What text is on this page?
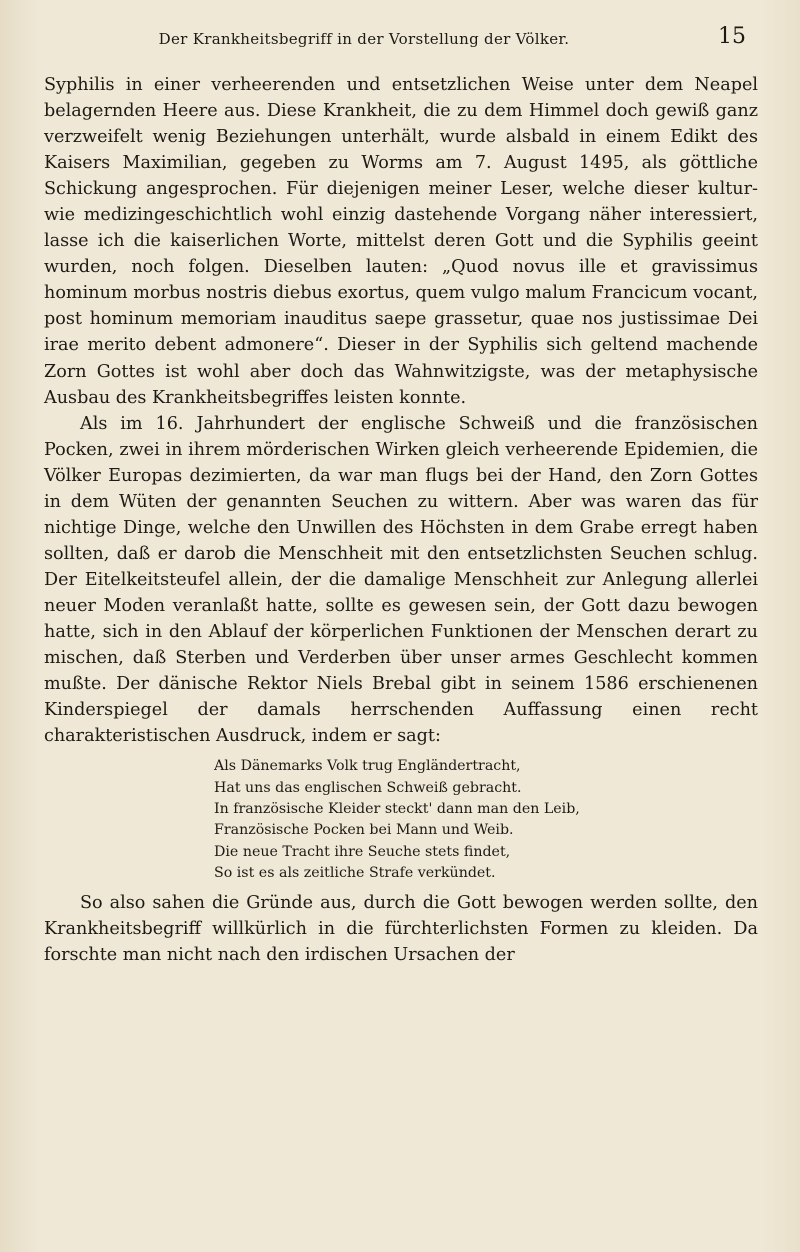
Der Krankheitsbegriff in der Vorstellung der Völker.	15

Syphilis in einer verheerenden und entsetzlichen Weise unter dem Neapel belagernden Heere aus. Diese Krankheit, die zu dem Himmel doch gewiß ganz verzweifelt wenig Beziehungen unterhält, wurde alsbald in einem Edikt des Kaisers Maximilian, gegeben zu Worms am 7. August 1495, als göttliche Schickung angesprochen. Für diejenigen meiner Leser, welche dieser kultur- wie medizingeschichtlich wohl einzig dastehende Vorgang näher interessiert, lasse ich die kaiserlichen Worte, mittelst deren Gott und die Syphilis geeint wurden, noch folgen. Dieselben lauten: „Quod novus ille et gravissimus hominum morbus nostris diebus exortus, quem vulgo malum Francicum vocant, post hominum memoriam inauditus saepe grassetur, quae nos justissimae Dei irae merito debent admonere“. Dieser in der Syphilis sich geltend machende Zorn Gottes ist wohl aber doch das Wahnwitzigste, was der metaphysische Ausbau des Krankheitsbegriffes leisten konnte.

Als im 16. Jahrhundert der englische Schweiß und die französischen Pocken, zwei in ihrem mörderischen Wirken gleich verheerende Epidemien, die Völker Europas dezimierten, da war man flugs bei der Hand, den Zorn Gottes in dem Wüten der genannten Seuchen zu wittern. Aber was waren das für nichtige Dinge, welche den Unwillen des Höchsten in dem Grabe erregt haben sollten, daß er darob die Menschheit mit den entsetzlichsten Seuchen schlug. Der Eitelkeitsteufel allein, der die damalige Menschheit zur Anlegung allerlei neuer Moden veranlaßt hatte, sollte es gewesen sein, der Gott dazu bewogen hatte, sich in den Ablauf der körperlichen Funktionen der Menschen derart zu mischen, daß Sterben und Verderben über unser armes Geschlecht kommen mußte. Der dänische Rektor Niels Brebal gibt in seinem 1586 erschienenen Kinderspiegel der damals herrschenden Auffassung einen recht charakteristischen Ausdruck, indem er sagt:

Als Dänemarks Volk trug Engländertracht,
Hat uns das englischen Schweiß gebracht.
In französische Kleider steckt' dann man den Leib,
Französische Pocken bei Mann und Weib.
Die neue Tracht ihre Seuche stets findet,
So ist es als zeitliche Strafe verkündet.

So also sahen die Gründe aus, durch die Gott bewogen werden sollte, den Krankheitsbegriff willkürlich in die fürchterlichsten Formen zu kleiden. Da forschte man nicht nach den irdischen Ursachen der
